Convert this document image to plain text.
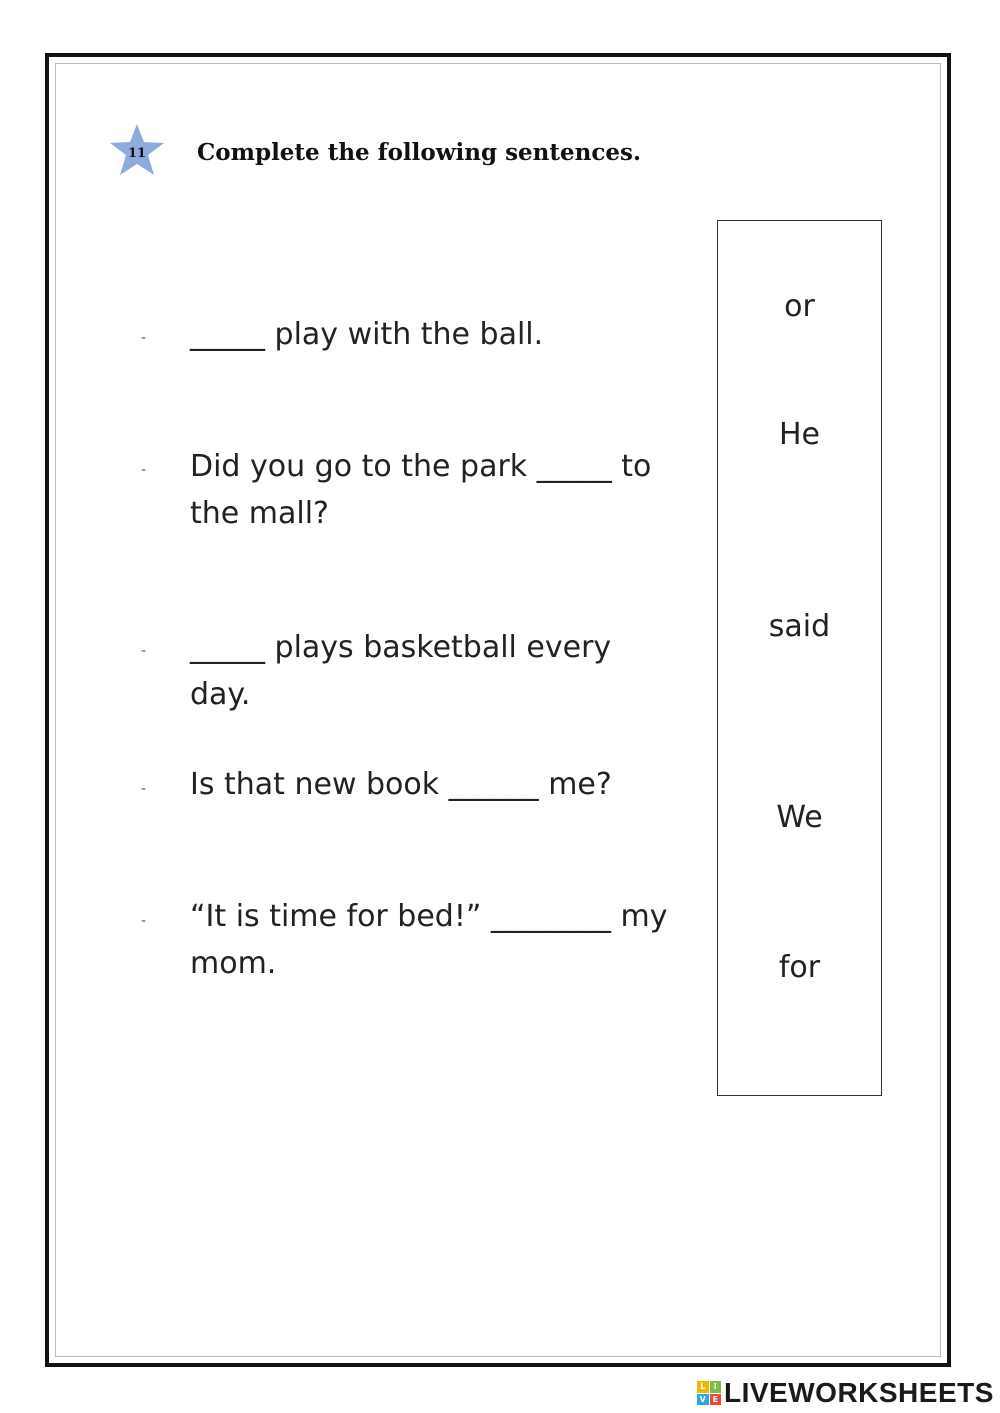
11	Complete the following sentences.
- _____ play with the ball.
- Did you go to the park _____ to the mall?
- _____ plays basketball every day.
- Is that new book ______ me?
- “It is time for bed!” ________ my mom.
or
He
said
We
for
L	I
V E LIVEWORKSHEETS
